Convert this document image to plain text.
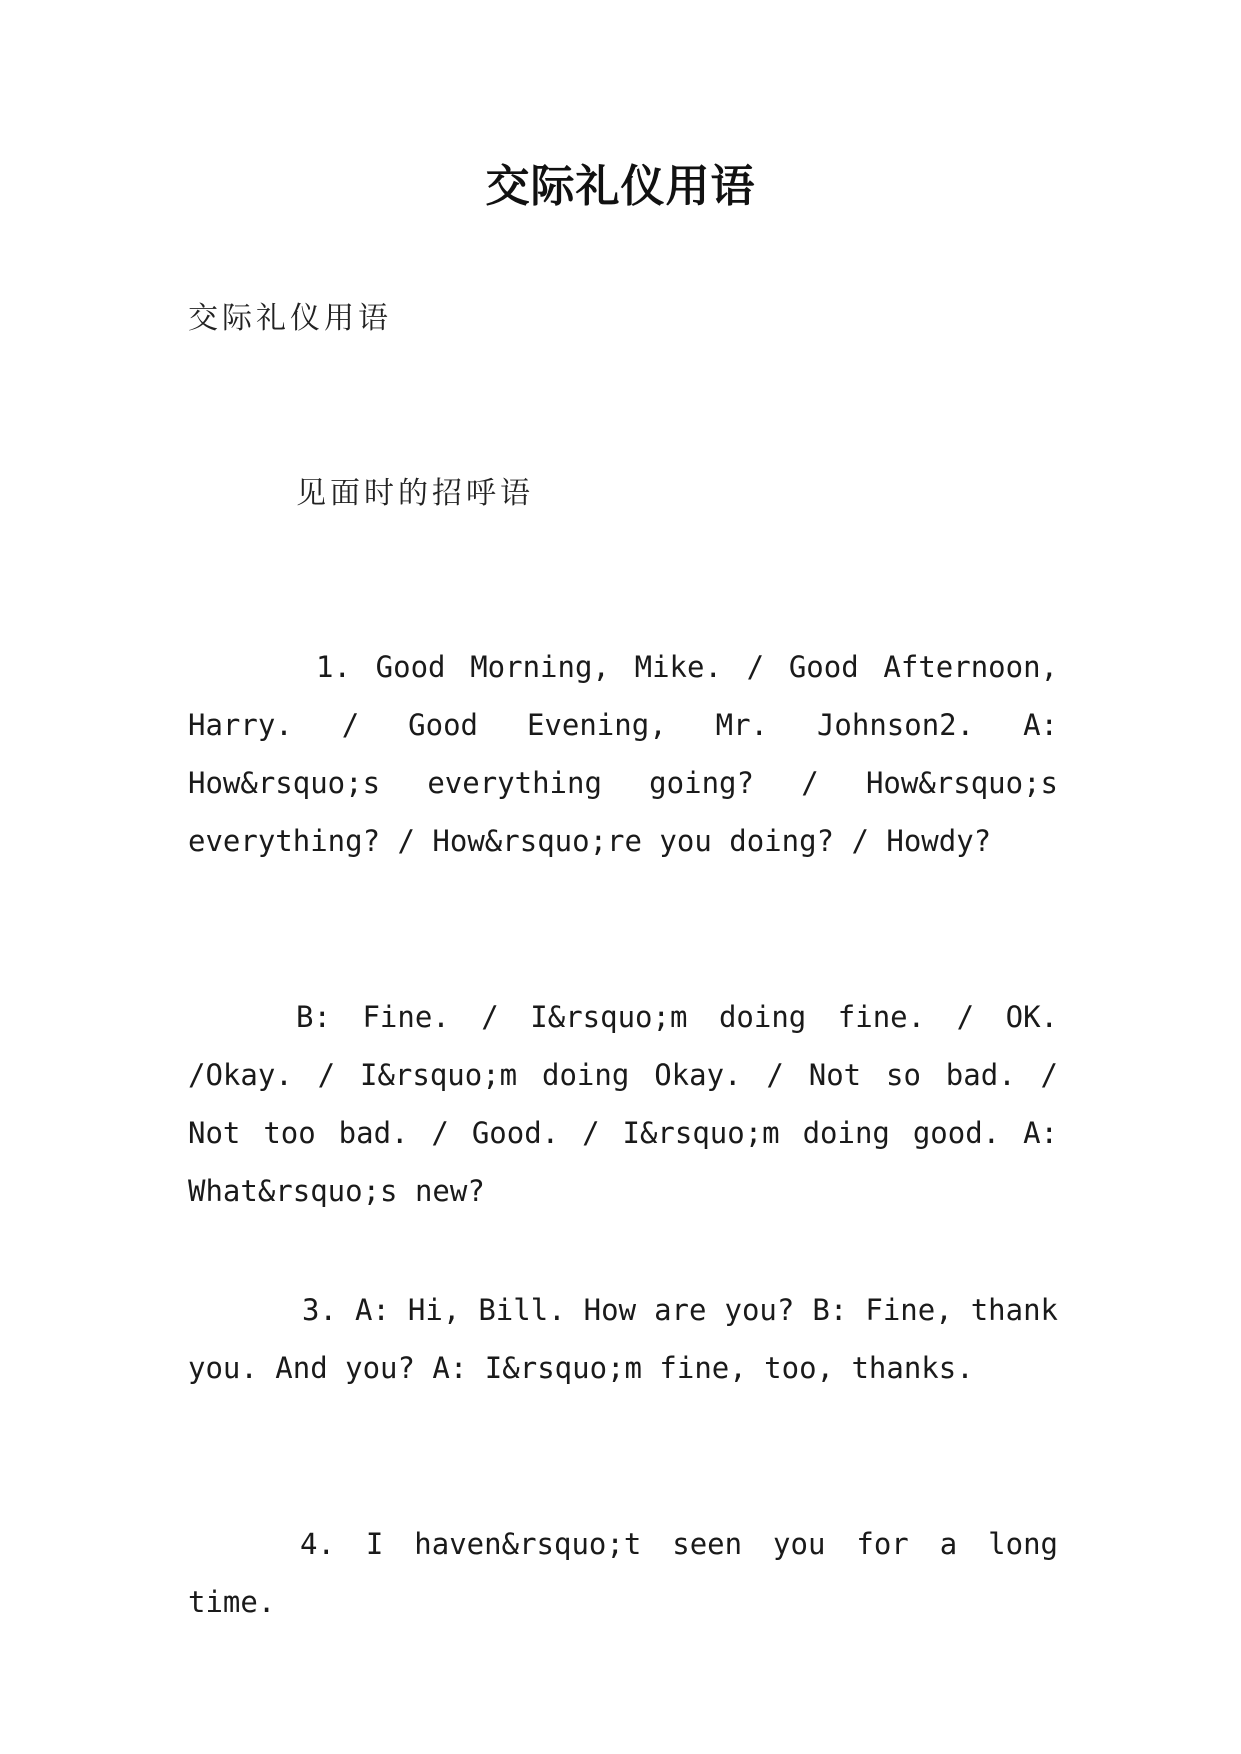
交际礼仪用语
交际礼仪用语
见面时的招呼语
1. Good Morning, Mike. / Good Afternoon, Harry. / Good Evening, Mr. Johnson2. A: How&rsquo;s everything going? / How&rsquo;s everything? / How&rsquo;re you doing? / Howdy?
B: Fine. / I&rsquo;m doing fine. / OK. /Okay. / I&rsquo;m doing Okay. / Not so bad. / Not too bad. / Good. / I&rsquo;m doing good. A: What&rsquo;s new?
3. A: Hi, Bill. How are you? B: Fine, thank you. And you? A: I&rsquo;m fine, too, thanks.
4. I haven&rsquo;t seen you for a long time.
